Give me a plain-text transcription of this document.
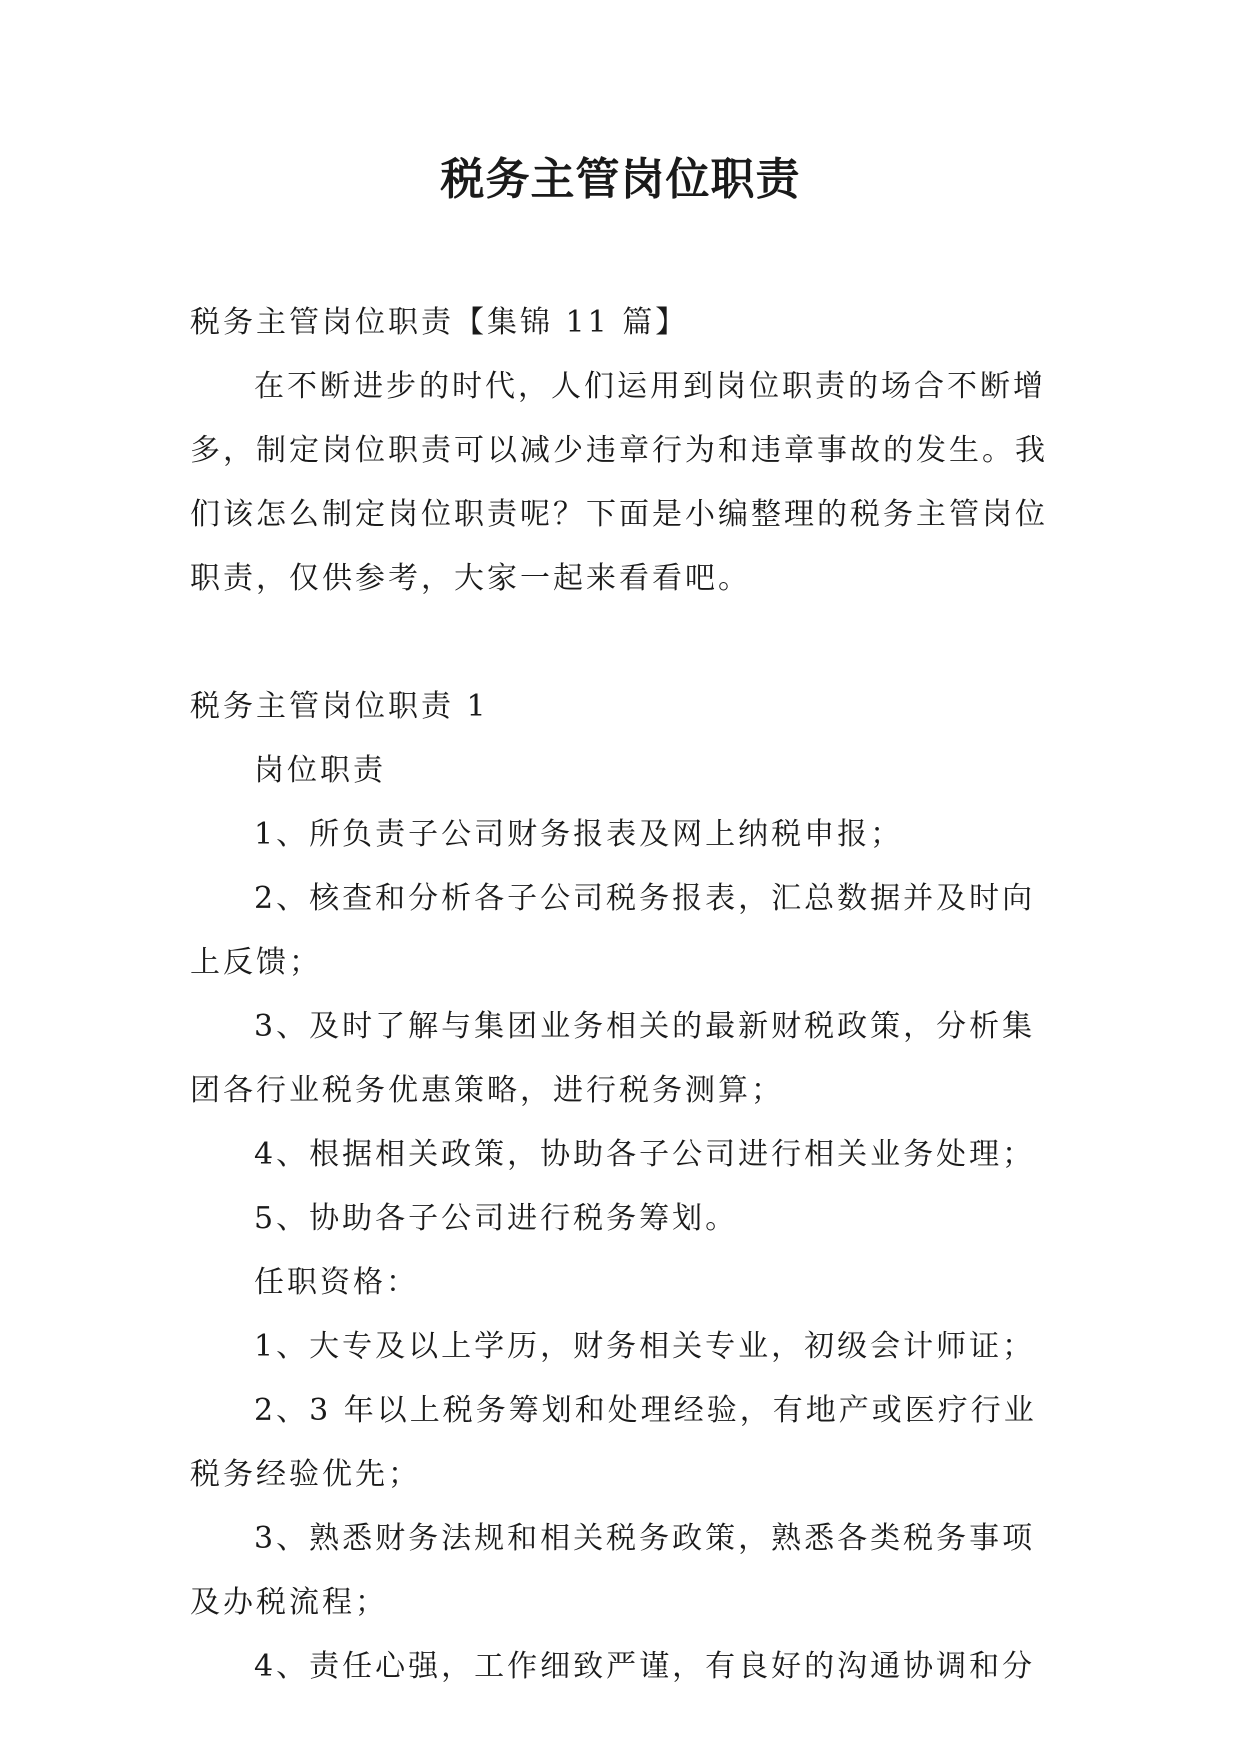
税务主管岗位职责

税务主管岗位职责【集锦 11 篇】

在不断进步的时代，人们运用到岗位职责的场合不断增多，制定岗位职责可以减少违章行为和违章事故的发生。我们该怎么制定岗位职责呢？下面是小编整理的税务主管岗位职责，仅供参考，大家一起来看看吧。

税务主管岗位职责 1

岗位职责

1、所负责子公司财务报表及网上纳税申报；

2、核查和分析各子公司税务报表，汇总数据并及时向上反馈；

3、及时了解与集团业务相关的最新财税政策，分析集团各行业税务优惠策略，进行税务测算；

4、根据相关政策，协助各子公司进行相关业务处理；

5、协助各子公司进行税务筹划。

任职资格：

1、大专及以上学历，财务相关专业，初级会计师证；

2、3 年以上税务筹划和处理经验，有地产或医疗行业税务经验优先；

3、熟悉财务法规和相关税务政策，熟悉各类税务事项及办税流程；

4、责任心强，工作细致严谨，有良好的沟通协调和分
